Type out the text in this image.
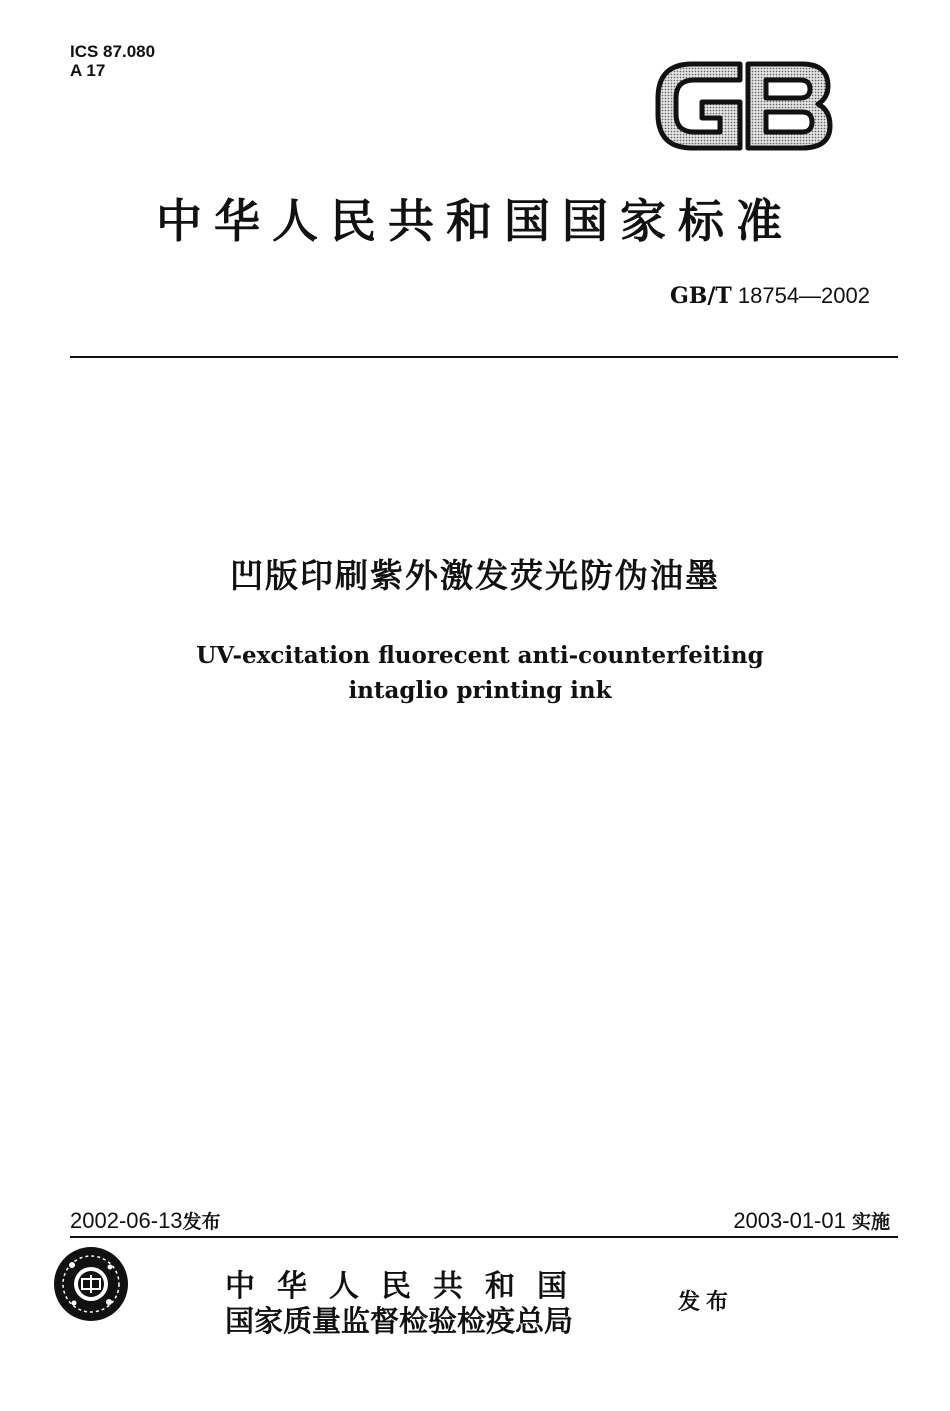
ICS 87.080
A 17
中华人民共和国国家标准
GB/T 18754—2002
凹版印刷紫外激发荧光防伪油墨
UV-excitation fluorecent anti-counterfeiting
intaglio printing ink
2002-06-13发布	2003-01-01 实施
中华人民共和国
国家质量监督检验检疫总局
发布
